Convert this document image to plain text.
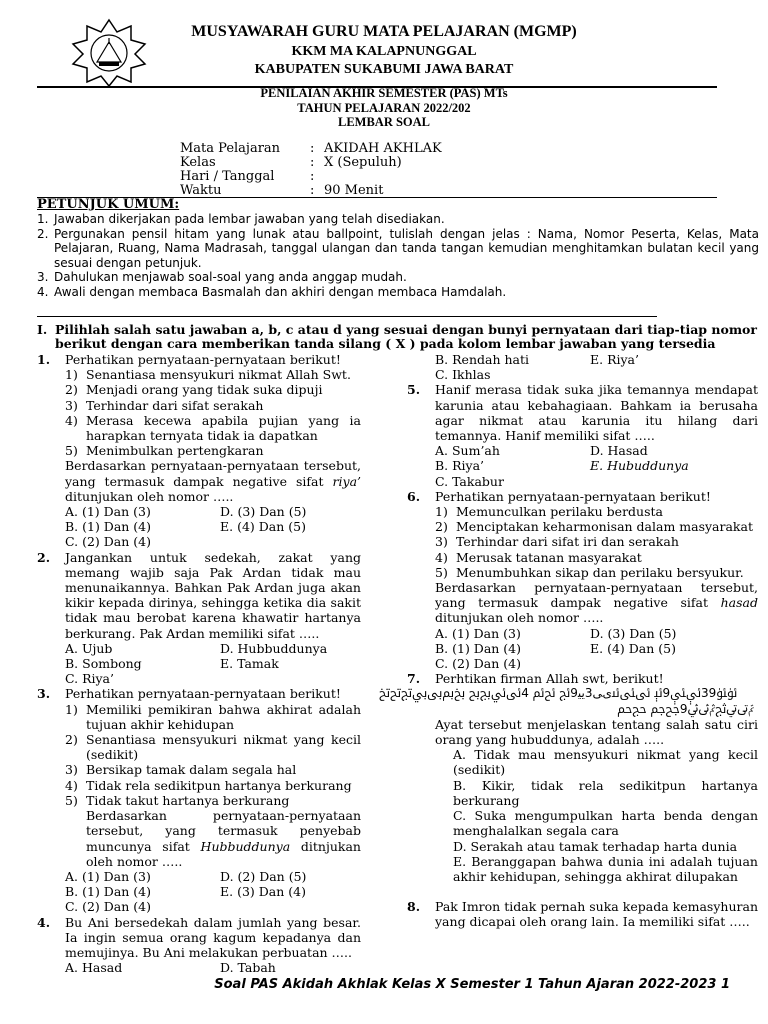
MUSYAWARAH GURU MATA PELAJARAN (MGMP)
KKM MA KALAPNUNGGAL
KABUPATEN SUKABUMI JAWA BARAT
PENILAIAN AKHIR SEMESTER (PAS) MTs
TAHUN PELAJARAN 2022/202
LEMBAR SOAL
Mata Pelajaran	:	AKIDAH AKHLAK
Kelas	:	X (Sepuluh)
Hari / Tanggal	:	
Waktu	:	90 Menit
PETUNJUK UMUM:

1. Jawaban dikerjakan pada lembar jawaban yang telah disediakan.

2. Pergunakan pensil hitam yang lunak atau ballpoint, tulislah dengan jelas : Nama, Nomor Peserta, Kelas, Mata Pelajaran, Ruang, Nama Madrasah, tanggal ulangan dan tanda tangan kemudian menghitamkan bulatan kecil yang sesuai dengan petunjuk.

3. Dahulukan menjawab soal-soal yang anda anggap mudah.

4. Awali dengan membaca Basmalah dan akhiri dengan membaca Hamdalah.

I. Pilihlah salah satu jawaban a, b, c atau d yang sesuai dengan bunyi pernyataan dari tiap-tiap nomor berikut dengan cara memberikan tanda silang ( X ) pada kolom lembar jawaban yang tersedia
1. Perhatikan pernyataan-pernyataan berikut!

1) Senantiasa mensyukuri nikmat Allah Swt.

2) Menjadi orang yang tidak suka dipuji

3) Terhindar dari sifat serakah

4) Merasa kecewa apabila pujian yang ia harapkan ternyata tidak ia dapatkan

5) Menimbulkan pertengkaran

Berdasarkan pernyataan-pernyataan tersebut, yang termasuk dampak negative sifat riya’ ditunjukan oleh nomor …..

A. (1) Dan (3)	D. (3) Dan (5)
B. (1) Dan (4)	E. (4) Dan (5)
C. (2) Dan (4)
2. Jangankan untuk sedekah, zakat yang memang wajib saja Pak Ardan tidak mau menunaikannya. Bahkan Pak Ardan juga akan kikir kepada dirinya, sehingga ketika dia sakit tidak mau berobat karena khawatir hartanya berkurang. Pak Ardan memiliki sifat …..

A. Ujub	D. Hubbuddunya
B. Sombong	E. Tamak
C. Riya’
3. Perhatikan pernyataan-pernyataan berikut!

1) Memiliki pemikiran bahwa akhirat adalah tujuan akhir kehidupan

2) Senantiasa mensyukuri nikmat yang kecil (sedikit)

3) Bersikap tamak dalam segala hal

4) Tidak rela sedikitpun hartanya berkurang

5) Tidak takut hartanya berkurang

Berdasarkan pernyataan-pernyataan tersebut, yang termasuk penyebab muncunya sifat Hubbuddunya ditnjukan oleh nomor …..

A. (1) Dan (3)	D. (2) Dan (5)
B. (1) Dan (4)	E. (3) Dan (4)
C. (2) Dan (4)
4. Bu Ani bersedekah dalam jumlah yang besar. Ia ingin semua orang kagum kepadanya dan memujinya. Bu Ani melakukan perbuatan …..

A. Hasad	D. Tabah
B. Rendah hati	E. Riya’
C. Ikhlas
5. Hanif merasa tidak suka jika temannya mendapat karunia atau kebahagiaan. Bahkam ia berusaha agar nikmat atau karunia itu hilang dari temannya. Hanif memiliki sifat …..

A. Sum’ah	D. Hasad
B. Riya’	E. Hubuddunya
C. Takabur
6. Perhatikan pernyataan-pernyataan berikut!

1) Memunculkan perilaku berdusta

2) Menciptakan keharmonisan dalam masyarakat

3) Terhindar dari sifat iri dan serakah

4) Merusak tatanan masyarakat

5) Menumbuhkan sikap dan perilaku bersyukur.

Berdasarkan pernyataan-pernyataan tersebut, yang termasuk dampak negative sifat hasad ditunjukan oleh nomor …..

A. (1) Dan (3)	D. (3) Dan (5)
B. (1) Dan (4)	E. (4) Dan (5)
C. (2) Dan (4)
7. Perhtikan firman Allah swt, berikut!
ﯴﯵ39ﯶﯷ9ﯸ ﯹﯺﯻﯼﯽ3ﯾﯿ9ﰀ ﰁﰂ 4ﰃﰄﰅﰆ ﰇﰈﰉﰊﰋﰌﰍ
ﰎﰏﰐﰑﰒﰓﰔ9ﰕﰖ ﰗﰘ

Ayat tersebut menjelaskan tentang salah satu ciri orang yang hubuddunya, adalah …..

A. Tidak mau mensyukuri nikmat yang kecil (sedikit)

B. Kikir, tidak rela sedikitpun hartanya berkurang

C. Suka mengumpulkan harta benda dengan menghalalkan segala cara

D. Serakah atau tamak terhadap harta dunia

E. Beranggapan bahwa dunia ini adalah tujuan akhir kehidupan, sehingga akhirat dilupakan

8. Pak Imron tidak pernah suka kepada kemasyhuran yang dicapai oleh orang lain. Ia memiliki sifat …..

Soal PAS Akidah Akhlak Kelas X Semester 1 Tahun Ajaran 2022-2023 1
